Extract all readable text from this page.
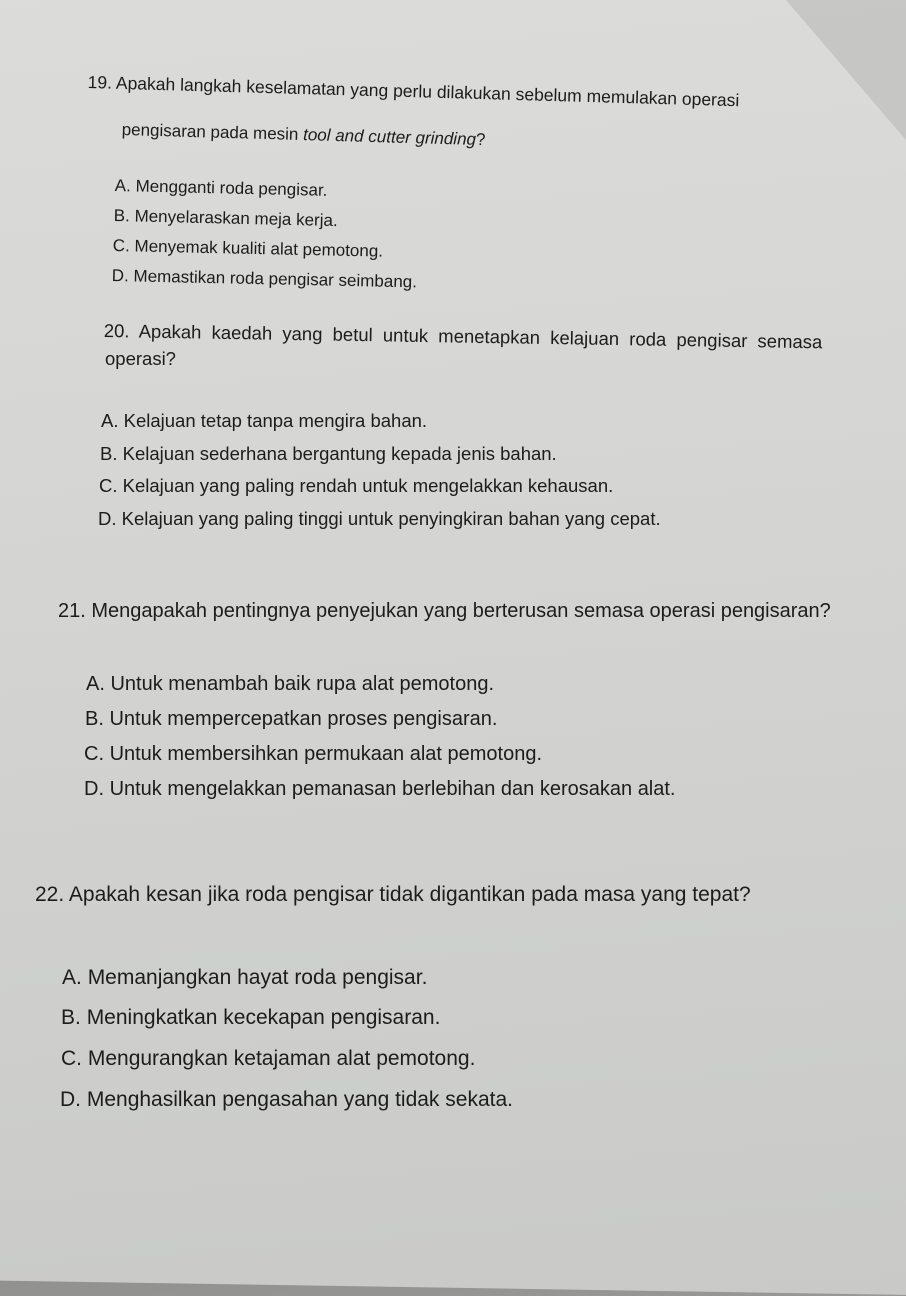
19. Apakah langkah keselamatan yang perlu dilakukan sebelum memulakan operasi
pengisaran pada mesin tool and cutter grinding?
A. Mengganti roda pengisar.
B. Menyelaraskan meja kerja.
C. Menyemak kualiti alat pemotong.
D. Memastikan roda pengisar seimbang.
20. Apakah kaedah yang betul untuk menetapkan kelajuan roda pengisar semasa
operasi?
A. Kelajuan tetap tanpa mengira bahan.
B. Kelajuan sederhana bergantung kepada jenis bahan.
C. Kelajuan yang paling rendah untuk mengelakkan kehausan.
D. Kelajuan yang paling tinggi untuk penyingkiran bahan yang cepat.
21. Mengapakah pentingnya penyejukan yang berterusan semasa operasi pengisaran?
A. Untuk menambah baik rupa alat pemotong.
B. Untuk mempercepatkan proses pengisaran.
C. Untuk membersihkan permukaan alat pemotong.
D. Untuk mengelakkan pemanasan berlebihan dan kerosakan alat.
22. Apakah kesan jika roda pengisar tidak digantikan pada masa yang tepat?
A. Memanjangkan hayat roda pengisar.
B. Meningkatkan kecekapan pengisaran.
C. Mengurangkan ketajaman alat pemotong.
D. Menghasilkan pengasahan yang tidak sekata.
